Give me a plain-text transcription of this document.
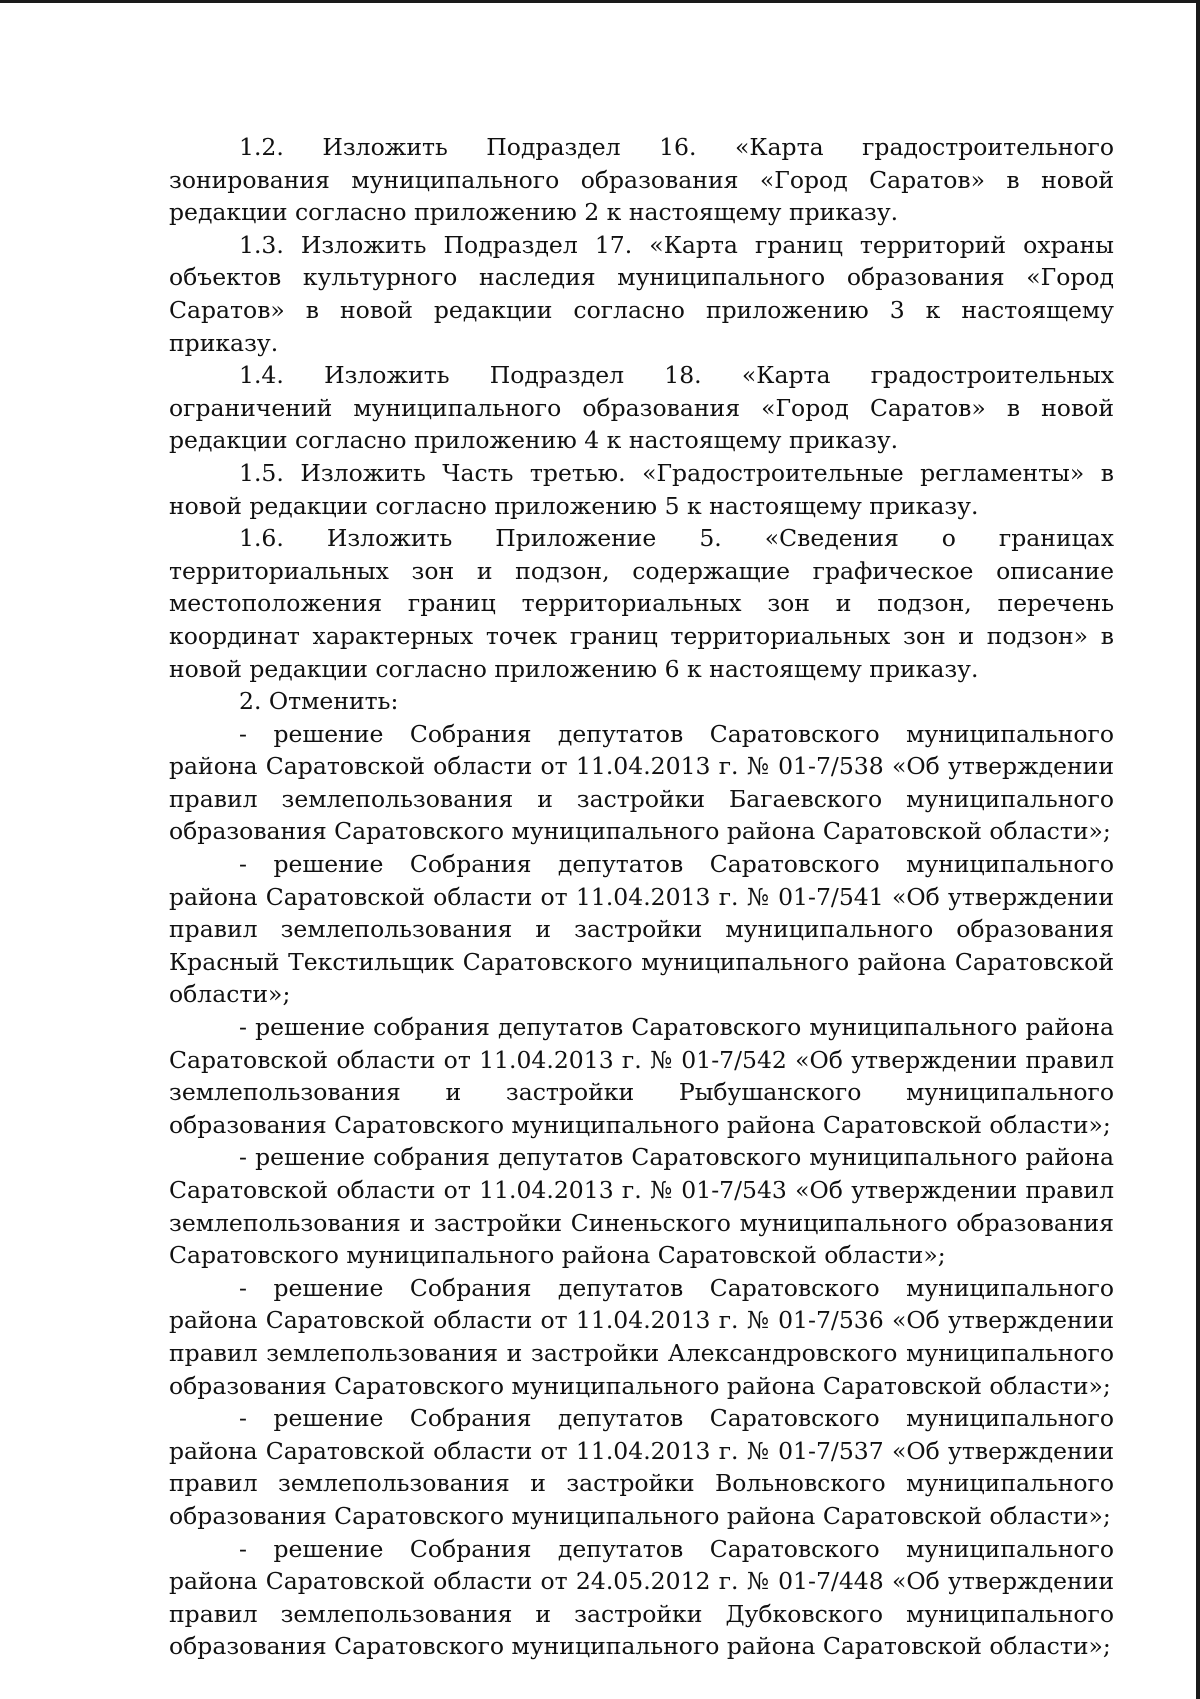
1.2. Изложить Подраздел 16. «Карта градостроительного зонирования муниципального образования «Город Саратов» в новой редакции согласно приложению 2 к настоящему приказу.

1.3. Изложить Подраздел 17. «Карта границ территорий охраны объектов культурного наследия муниципального образования «Город Саратов» в новой редакции согласно приложению 3 к настоящему приказу.

1.4. Изложить Подраздел 18. «Карта градостроительных ограничений муниципального образования «Город Саратов» в новой редакции согласно приложению 4 к настоящему приказу.

1.5. Изложить Часть третью. «Градостроительные регламенты» в новой редакции согласно приложению 5 к настоящему приказу.

1.6. Изложить Приложение 5. «Сведения о границах территориальных зон и подзон, содержащие графическое описание местоположения границ территориальных зон и подзон, перечень координат характерных точек границ территориальных зон и подзон» в новой редакции согласно приложению 6 к настоящему приказу.

2. Отменить:

- решение Собрания депутатов Саратовского муниципального района Саратовской области от 11.04.2013 г. № 01-7/538 «Об утверждении правил землепользования и застройки Багаевского муниципального образования Саратовского муниципального района Саратовской области»;

- решение Собрания депутатов Саратовского муниципального района Саратовской области от 11.04.2013 г. № 01-7/541 «Об утверждении правил землепользования и застройки муниципального образования Красный Текстильщик Саратовского муниципального района Саратовской области»;

- решение собрания депутатов Саратовского муниципального района Саратовской области от 11.04.2013 г. № 01-7/542 «Об утверждении правил землепользования и застройки Рыбушанского муниципального образования Саратовского муниципального района Саратовской области»;

- решение собрания депутатов Саратовского муниципального района Саратовской области от 11.04.2013 г. № 01-7/543 «Об утверждении правил землепользования и застройки Синеньского муниципального образования Саратовского муниципального района Саратовской области»;

- решение Собрания депутатов Саратовского муниципального района Саратовской области от 11.04.2013 г. № 01-7/536 «Об утверждении правил землепользования и застройки Александровского муниципального образования Саратовского муниципального района Саратовской области»;

- решение Собрания депутатов Саратовского муниципального района Саратовской области от 11.04.2013 г. № 01-7/537 «Об утверждении правил землепользования и застройки Вольновского муниципального образования Саратовского муниципального района Саратовской области»;

- решение Собрания депутатов Саратовского муниципального района Саратовской области от 24.05.2012 г. № 01-7/448 «Об утверждении правил землепользования и застройки Дубковского муниципального образования Саратовского муниципального района Саратовской области»;
